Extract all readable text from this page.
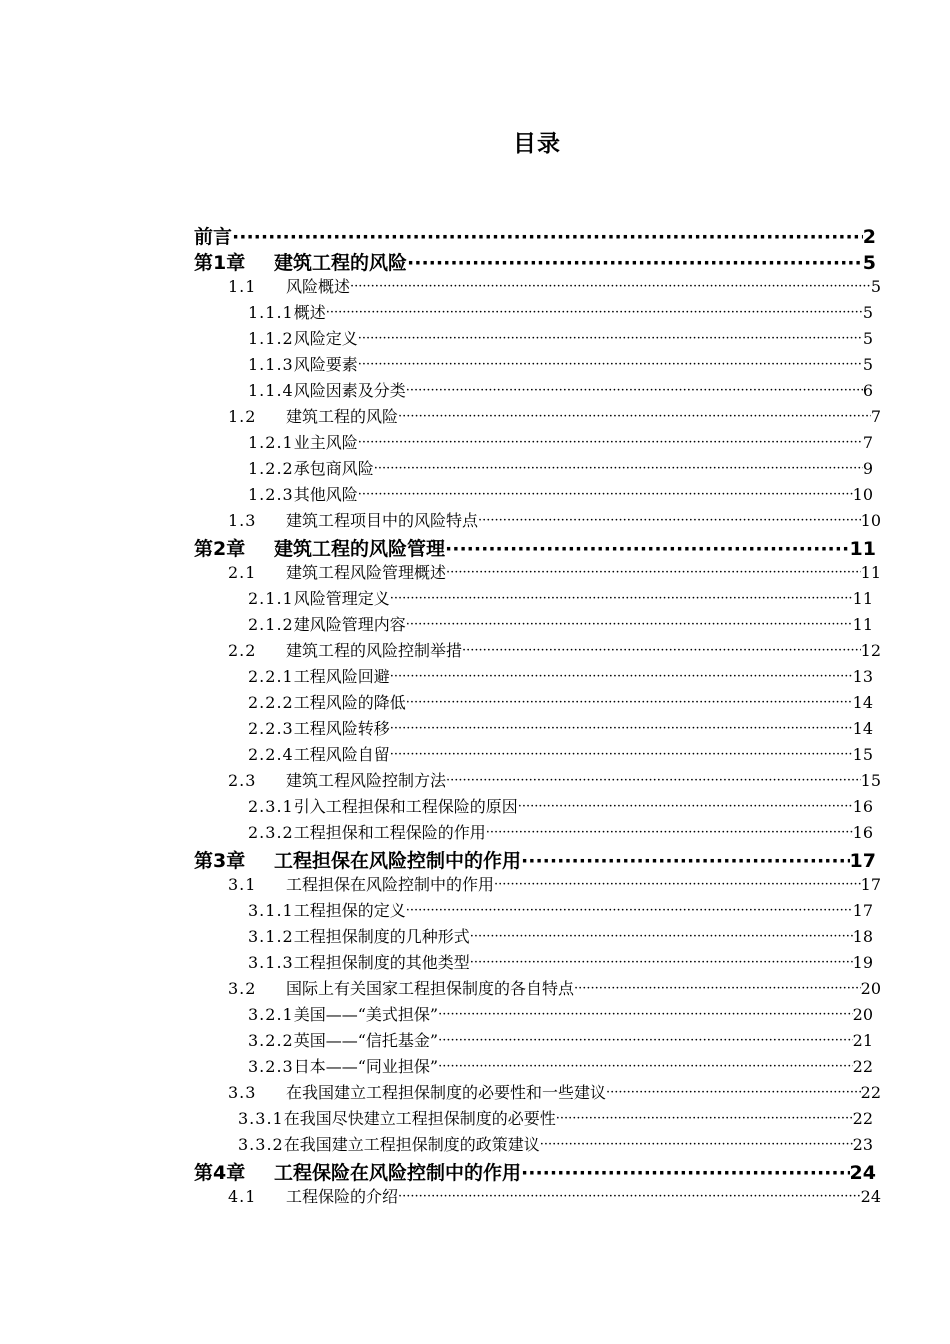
目录
前言 ·····	2
第1章	建筑工程的风险 ·····	5
1.1	风险概述 ·····	5
1.1.1 概述 ·····	5
1.1.2 风险定义 ·····	5
1.1.3 风险要素 ·····	5
1.1.4 风险因素及分类 ·····	6
1.2	建筑工程的风险 ·····	7
1.2.1 业主风险 ·····	7
1.2.2 承包商风险 ·····	9
1.2.3 其他风险 ·····	10
1.3	建筑工程项目中的风险特点 ·····	10
第2章	建筑工程的风险管理 ·····	11
2.1	建筑工程风险管理概述 ·····	11
2.1.1 风险管理定义 ·····	11
2.1.2 建风险管理内容 ·····	11
2.2	建筑工程的风险控制举措 ·····	12
2.2.1 工程风险回避 ·····	13
2.2.2 工程风险的降低 ·····	14
2.2.3 工程风险转移 ·····	14
2.2.4 工程风险自留 ·····	15
2.3	建筑工程风险控制方法 ·····	15
2.3.1 引入工程担保和工程保险的原因 ·····	16
2.3.2 工程担保和工程保险的作用 ·····	16
第3章	工程担保在风险控制中的作用 ·····	17
3.1	工程担保在风险控制中的作用 ·····	17
3.1.1 工程担保的定义 ·····	17
3.1.2 工程担保制度的几种形式 ·····	18
3.1.3 工程担保制度的其他类型 ·····	19
3.2	国际上有关国家工程担保制度的各自特点 ·····	20
3.2.1 美国——“美式担保” ·····	20
3.2.2 英国——“信托基金” ·····	21
3.2.3 日本——“同业担保” ·····	22
3.3	在我国建立工程担保制度的必要性和一些建议 ·····	22
3.3.1 在我国尽快建立工程担保制度的必要性 ·····	22
3.3.2 在我国建立工程担保制度的政策建议 ·····	23
第4章	工程保险在风险控制中的作用 ·····	24
4.1	工程保险的介绍 ·····	24
